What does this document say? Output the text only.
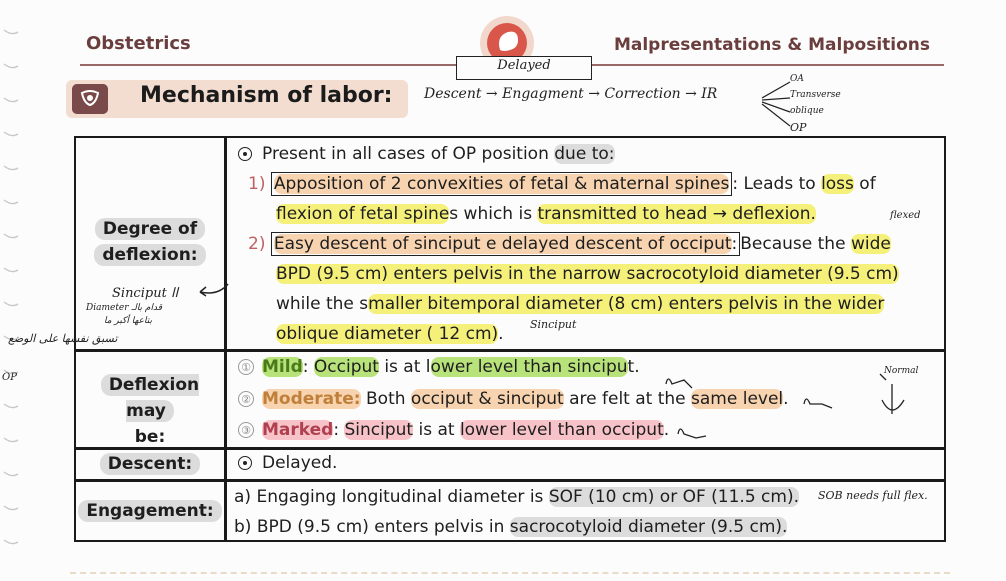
Obstetrics	Malpresentations & Malpositions
Delayed
Mechanism of labor: Descent → Engagment → Correction → IR
OA
Transverse
oblique
OP
Degree of
deflexion:
Present in all cases of OP position due to:
1) Apposition of 2 convexities of fetal & maternal spines : Leads to loss of
flexion of fetal spines which is transmitted to head → deflexion.
2) Easy descent of sinciput e delayed descent of occiput: Because the wide
BPD (9.5 cm) enters pelvis in the narrow sacrocotyloid diameter (9.5 cm)
while the smaller bitemporal diameter (8 cm) enters pelvis in the wider
oblique diameter ( 12 cm).
Deflexion may
be:
① Mild: Occiput is at lower level than sinciput.
② Moderate: Both occiput & sinciput are felt at the same level.
③ Marked: Sinciput is at lower level than occiput.
Descent:	Delayed.
Engagement:
a) Engaging longitudinal diameter is SOF (10 cm) or OF (11.5 cm).
b) BPD (9.5 cm) enters pelvis in sacrocotyloid diameter (9.5 cm).
Sinciput اا
Diameter قدام بالـ
بتاعها أكبر ما
تسبق نفسها على الوضع
OP
Sinciput
Normal
flexed
SOB needs full flex.
